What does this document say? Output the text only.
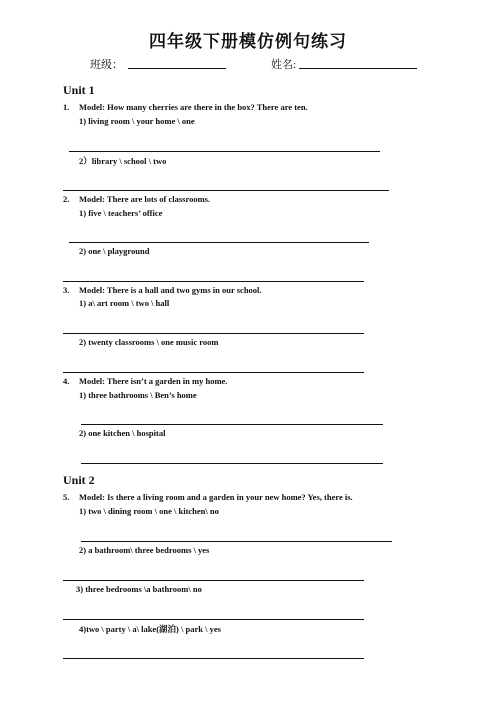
四年级下册模仿例句练习
班级：	姓名:
Unit 1
1. Model: How many cherries are there in the box? There are ten.
1) living room \ your home \ one
2）library \ school \ two
2. Model: There are lots of classrooms.
1) five \ teachers’ office
2) one \ playground
3. Model: There is a hall and two gyms in our school.
1) a\ art room \ two \ hall
2) twenty classrooms \ one music room
4. Model: There isn’t a garden in my home.
1) three bathrooms \ Ben’s home
2) one kitchen \ hospital
Unit 2
5. Model: Is there a living room and a garden in your new home? Yes, there is.
1) two \ dining room \ one \ kitchen\ no
2) a bathroom\ three bedrooms \ yes
3) three bedrooms \a bathroom\ no
4)two \ party \ a\ lake(湖泊) \ park \ yes
